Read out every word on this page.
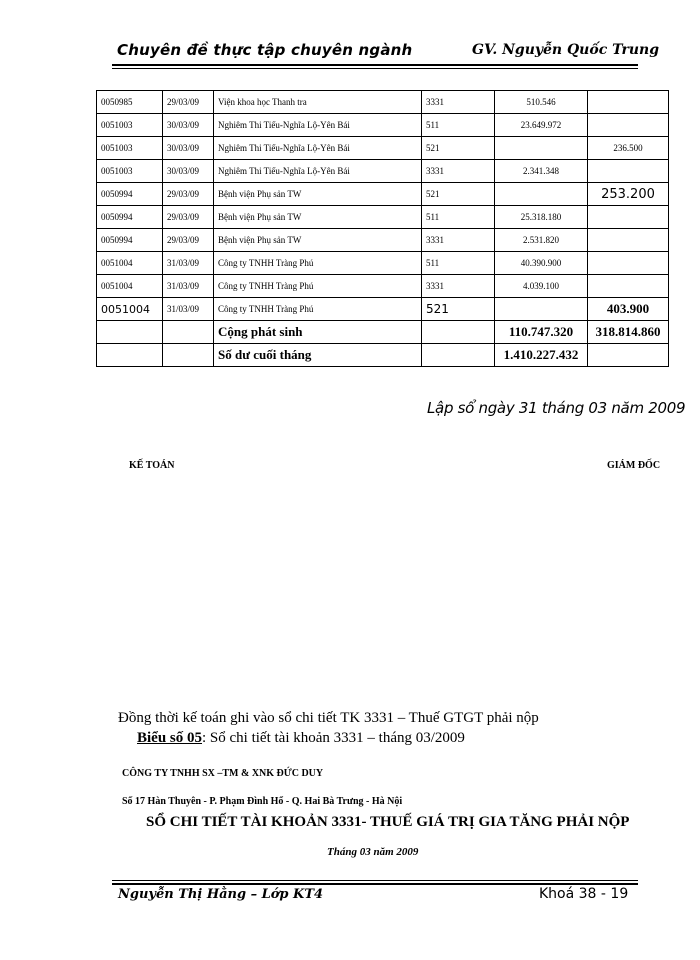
Chuyên đề thực tập chuyên ngành	GV. Nguyễn Quốc Trung
0050985	29/03/09	Viện khoa học Thanh tra	3331	510.546	
0051003	30/03/09	Nghiêm Thi Tiếu-Nghĩa Lộ-Yên Bái	511	23.649.972	
0051003	30/03/09	Nghiêm Thi Tiếu-Nghĩa Lộ-Yên Bái	521		236.500
0051003	30/03/09	Nghiêm Thi Tiếu-Nghĩa Lộ-Yên Bái	3331	2.341.348	
0050994	29/03/09	Bệnh viện Phụ sản TW	521		253.200
0050994	29/03/09	Bệnh viện Phụ sản TW	511	25.318.180	
0050994	29/03/09	Bệnh viện Phụ sản TW	3331	2.531.820	
0051004	31/03/09	Công ty TNHH Tràng Phú	511	40.390.900	
0051004	31/03/09	Công ty TNHH Tràng Phú	3331	4.039.100	
0051004	31/03/09	Công ty TNHH Tràng Phú	521		403.900
		Cộng phát sinh		110.747.320	318.814.860
		Số dư cuối tháng		1.410.227.432	
Lập sổ ngày 31 tháng 03 năm 2009
KẾ TOÁN	GIÁM ĐỐC
Đồng thời kế toán ghi vào sổ chi tiết TK 3331 – Thuế GTGT phải nộp
Biểu số 05: Sổ chi tiết tài khoản 3331 – tháng 03/2009
CÔNG TY TNHH SX –TM & XNK ĐỨC DUY
Số 17 Hàn Thuyên - P. Phạm Đình Hổ - Q. Hai Bà Trưng - Hà Nội
SỔ CHI TIẾT TÀI KHOẢN 3331- THUẾ GIÁ TRỊ GIA TĂNG PHẢI NỘP
Tháng 03 năm 2009
Nguyễn Thị Hằng – Lớp KT4	Khoá 38 - 19
